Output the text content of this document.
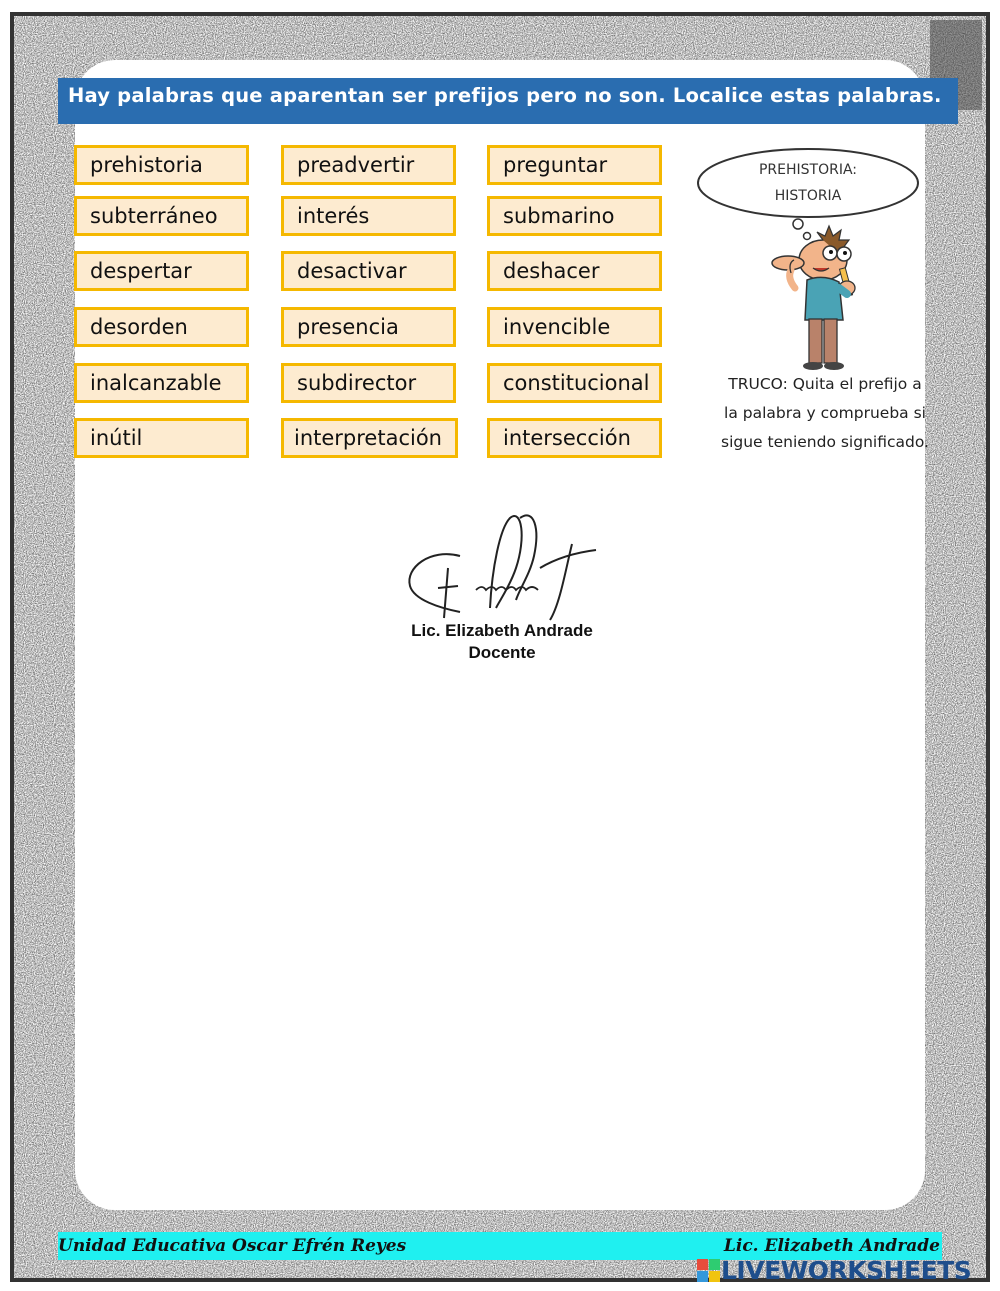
Hay palabras que aparentan ser prefijos pero no son. Localice estas palabras.
prehistoria	preadvertir	preguntar
subterráneo	interés	submarino
despertar	desactivar	deshacer
desorden	presencia	invencible
inalcanzable	subdirector	constitucional
inútil	interpretación	intersección
PREHISTORIA:
HISTORIA
TRUCO: Quita el prefijo a
la palabra y comprueba si
sigue teniendo significado.
Lic. Elizabeth Andrade
Docente
Unidad Educativa Oscar Efrén Reyes	Lic. Elizabeth Andrade
LIVEWORKSHEETS
